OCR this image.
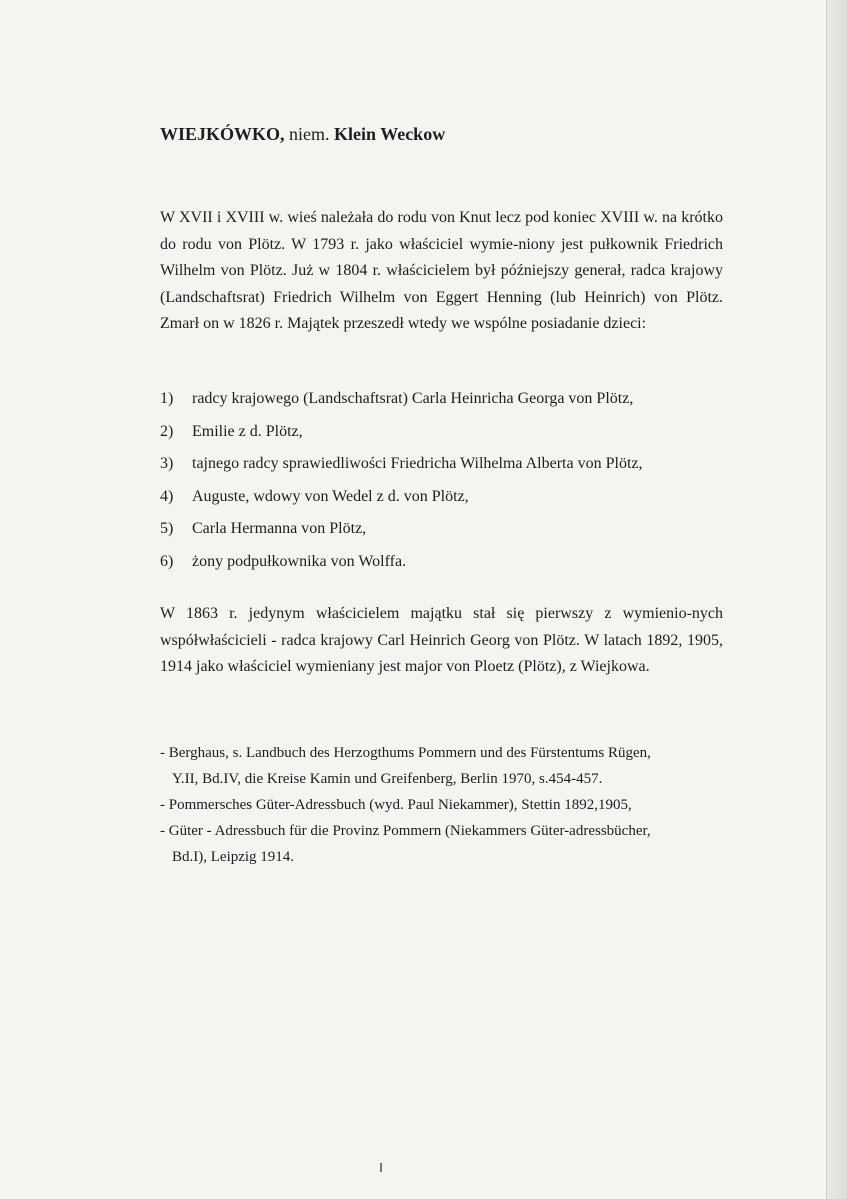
WIEJKÓWKO, niem. Klein Weckow

W XVII i XVIII w. wieś należała do rodu von Knut lecz pod koniec XVIII w. na krótko do rodu von Plötz. W 1793 r. jako właściciel wymie-niony jest pułkownik Friedrich Wilhelm von Plötz. Już w 1804 r. właścicielem był późniejszy generał, radca krajowy (Landschaftsrat) Friedrich Wilhelm von Eggert Henning (lub Heinrich) von Plötz. Zmarł on w 1826 r. Majątek przeszedł wtedy we wspólne posiadanie dzieci:

1)	radcy krajowego (Landschaftsrat) Carla Heinricha Georga von Plötz,
2)	Emilie z d. Plötz,
3)	tajnego radcy sprawiedliwości Friedricha Wilhelma Alberta von Plötz,
4)	Auguste, wdowy von Wedel z d. von Plötz,
5)	Carla Hermanna von Plötz,
6)	żony podpułkownika von Wolffa.

W 1863 r. jedynym właścicielem majątku stał się pierwszy z wymienio-nych współwłaścicieli - radca krajowy Carl Heinrich Georg von Plötz. W latach 1892, 1905, 1914 jako właściciel wymieniany jest major von Ploetz (Plötz), z Wiejkowa.

- Berghaus, s. Landbuch des Herzogthums Pommern und des Fürstentums Rügen,
Y.II, Bd.IV, die Kreise Kamin und Greifenberg, Berlin 1970, s.454-457.
- Pommersches Güter-Adressbuch (wyd. Paul Niekammer), Stettin 1892,1905,
- Güter - Adressbuch für die Provinz Pommern (Niekammers Güter-adressbücher,
Bd.I), Leipzig 1914.
